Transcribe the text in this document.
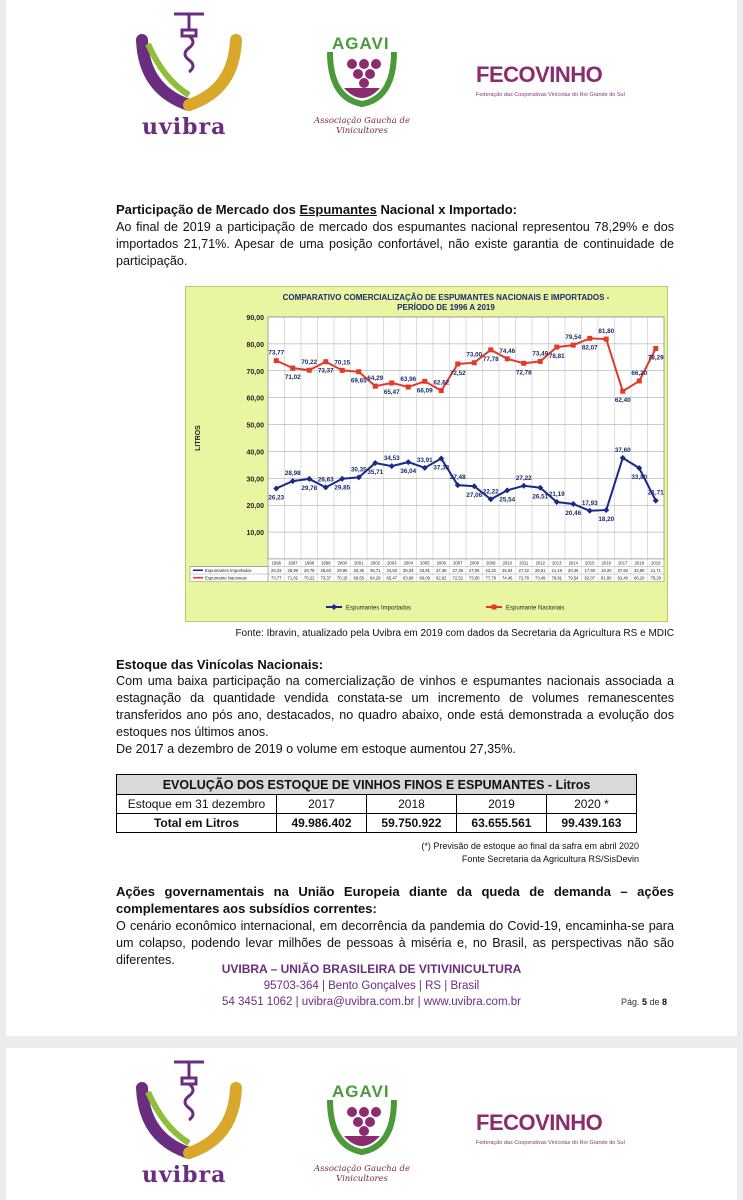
uvibra
AGAVI
Associação Gaucha de Vinicultores
FECOVINHO
Federação das Cooperativas Vinícolas do Rio Grande do Sul
Participação de Mercado dos Espumantes Nacional x Importado:
Ao final de 2019 a participação de mercado dos espumantes nacional representou 78,29% e dos importados 21,71%. Apesar de uma posição confortável, não existe garantia de continuidade de participação.
COMPARATIVO COMERCIALIZAÇÃO DE ESPUMANTES NACIONAIS E IMPORTADOS -
PERÍODO DE 1996 A 2019
90,00
80,00
70,00
60,00
50,00
40,00
30,00
20,00
10,00
LITROS
26,23
28,98
29,78
26,63
29,85
30,35 35,71
34,53
36,04
33,91
37,38
27,48
27,06
22,22
25,54
27,22
26,51 21,19
20,46
17,93
18,20
37,60
33,80
21,71
73,77
71,02
70,22
73,37
70,15
69,65 64,29
65,47
63,96
66,09
62,62
72,52
73,00
77,78
74,46
72,78
73,49 78,81
79,54
82,07
81,80
62,40
66,20
78,29
1996 1997 1998 1999 2000 2001 2002 2003 2004 2005 2006 2007 2008 2009 2010 2011 2012 2013 2014 2015 2016 2017 2018 2019
Espumantes Importados	26,23 28,98 29,78 26,63 29,85 30,35 35,71 34,53 36,04 33,91 37,38 27,48 27,06 22,22 25,54 27,22 26,51 21,19 20,46 17,93 18,20 37,60 33,80 21,71
Espumante Nacionais	73,77 71,02 70,22 73,37 70,15 69,65 64,29 65,47 63,96 66,09 62,62 72,52 73,00 77,78 74,46 72,78 73,49 78,81 79,54 82,07 81,80 62,40 66,20 78,29
Espumantes Importados	Espumante Nacionais
Fonte: Ibravin, atualizado pela Uvibra em 2019 com dados da Secretaria da Agricultura RS e MDIC
Estoque das Vinícolas Nacionais:
Com uma baixa participação na comercialização de vinhos e espumantes nacionais associada a estagnação da quantidade vendida constata-se um incremento de volumes remanescentes transferidos ano pós ano, destacados, no quadro abaixo, onde está demonstrada a evolução dos estoques nos últimos anos.
De 2017 a dezembro de 2019 o volume em estoque aumentou 27,35%.
EVOLUÇÃO DOS ESTOQUE DE VINHOS FINOS E ESPUMANTES - Litros				
Estoque em 31 dezembro	2017	2018	2019	2020 *
Total em Litros	49.986.402	59.750.922	63.655.561	99.439.163
(*) Previsão de estoque ao final da safra em abril 2020
Fonte Secretaria da Agricultura RS/SisDevin
Ações governamentais na União Europeia diante da queda de demanda – ações complementares aos subsídios correntes:
O cenário econômico internacional, em decorrência da pandemia do Covid-19, encaminha-se para um colapso, podendo levar milhões de pessoas à miséria e, no Brasil, as perspectivas não são diferentes.
UVIBRA – UNIÃO BRASILEIRA DE VITIVINICULTURA
95703-364 | Bento Gonçalves | RS | Brasil
54 3451 1062 | uvibra@uvibra.com.br | www.uvibra.com.br	Pág. 5 de 8
uvibra
AGAVI
Associação Gaucha de Vinicultores
FECOVINHO
Federação das Cooperativas Vinícolas do Rio Grande do Sul
